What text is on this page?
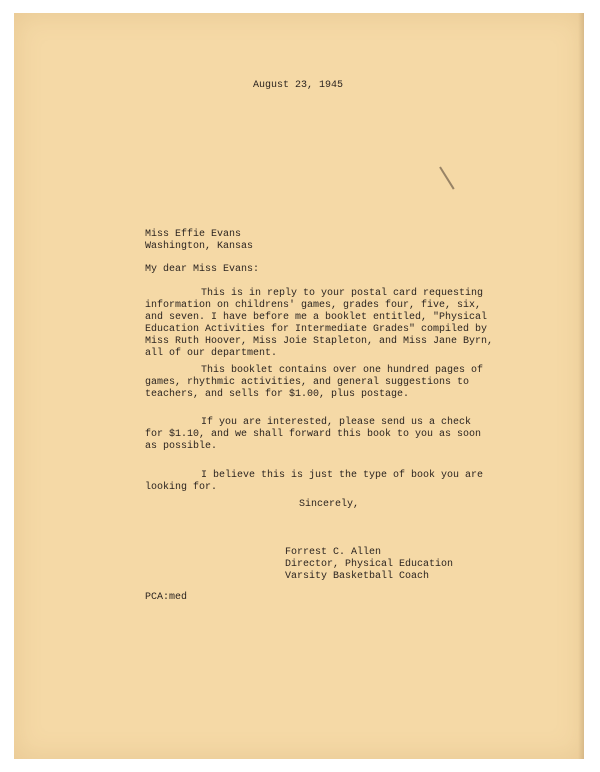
August 23, 1945
Miss Effie Evans
Washington, Kansas
My dear Miss Evans:
This is in reply to your postal card requesting
information on childrens' games, grades four, five, six,
and seven. I have before me a booklet entitled, "Physical
Education Activities for Intermediate Grades" compiled by
Miss Ruth Hoover, Miss Joie Stapleton, and Miss Jane Byrn,
all of our department.
This booklet contains over one hundred pages of
games, rhythmic activities, and general suggestions to
teachers, and sells for $1.00, plus postage.
If you are interested, please send us a check
for $1.10, and we shall forward this book to you as soon
as possible.
I believe this is just the type of book you are
looking for.
Sincerely,
Forrest C. Allen
Director, Physical Education
Varsity Basketball Coach
PCA:med
